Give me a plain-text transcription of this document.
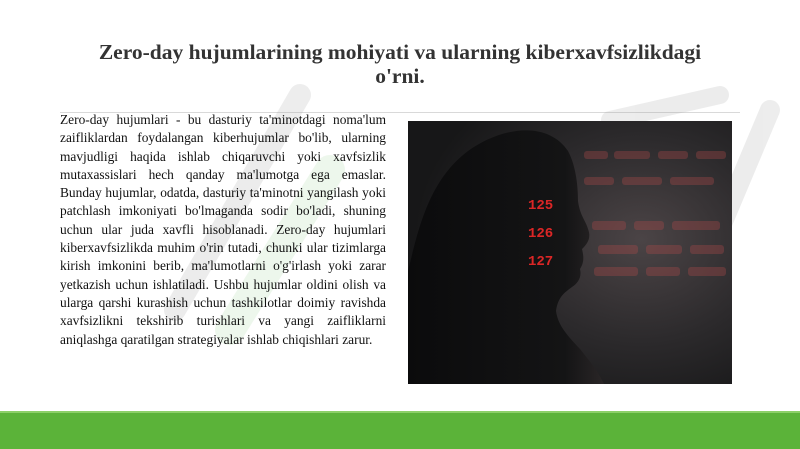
Zero-day hujumlarining mohiyati va ularning kiberxavfsizlikdagi o'rni.

Zero-day hujumlari - bu dasturiy ta'minotdagi noma'lum zaifliklardan foydalangan kiberhujumlar bo'lib, ularning mavjudligi haqida ishlab chiqaruvchi yoki xavfsizlik mutaxassislari hech qanday ma'lumotga ega emaslar. Bunday hujumlar, odatda, dasturiy ta'minotni yangilash yoki patchlash imkoniyati bo'lmaganda sodir bo'ladi, shuning uchun ular juda xavfli hisoblanadi. Zero-day hujumlari kiberxavfsizlikda muhim o'rin tutadi, chunki ular tizimlarga kirish imkonini berib, ma'lumotlarni o'g'irlash yoki zarar yetkazish uchun ishlatiladi. Ushbu hujumlar oldini olish va ularga qarshi kurashish uchun tashkilotlar doimiy ravishda xavfsizlikni tekshirib turishlari va yangi zaifliklarni aniqlashga qaratilgan strategiyalar ishlab chiqishlari zarur.

125
126
127
